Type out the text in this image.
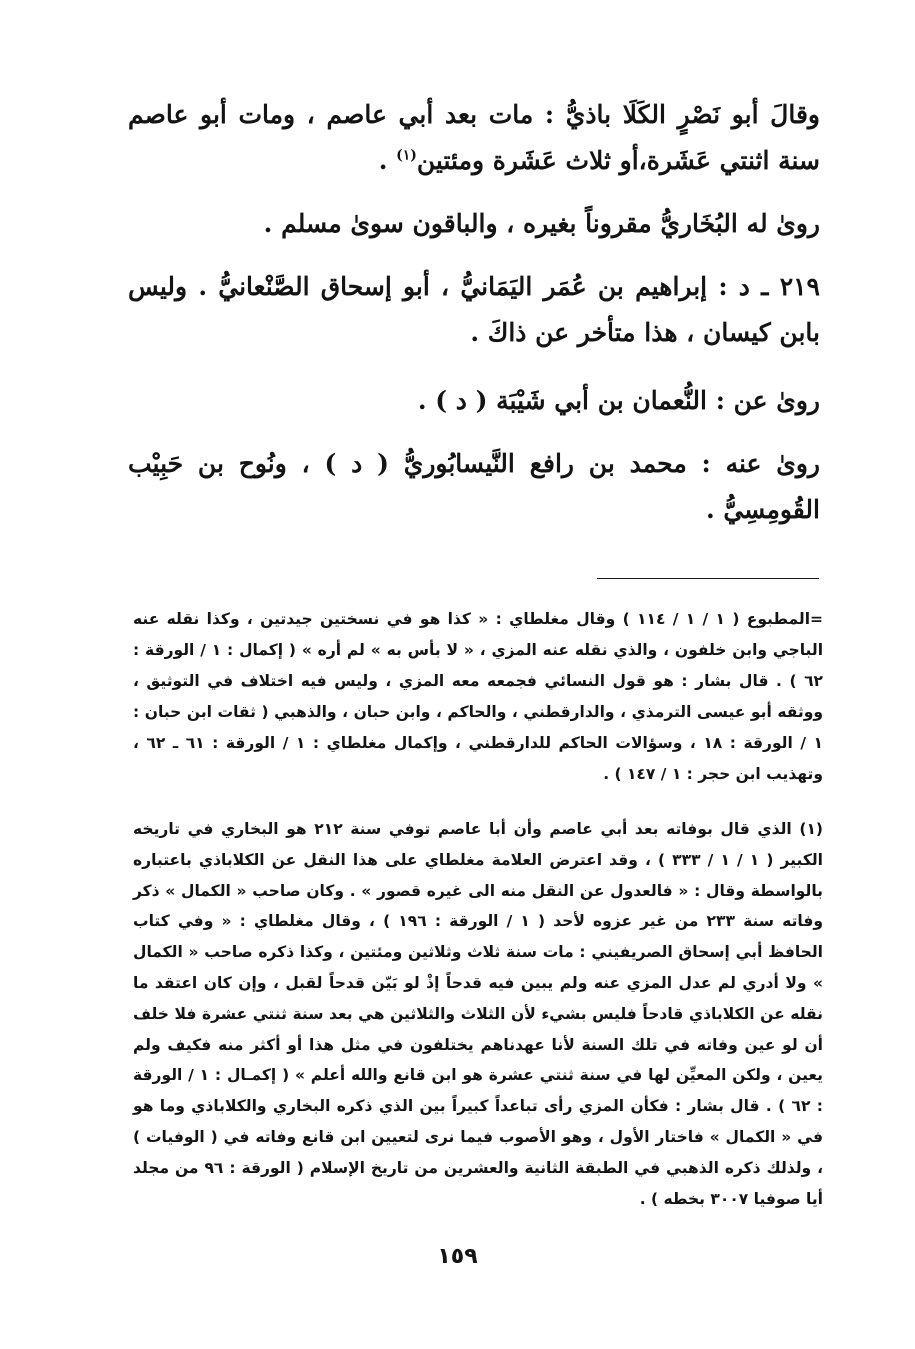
وقالَ أبو نَصْرٍ الكَلَا باذيُّ : مات بعد أبي عاصم ، ومات أبو عاصم سنة اثنتي عَشَرة،أو ثلاث عَشَرة ومئتين$^{(١)}$ .

روىٰ له البُخَاريُّ مقروناً بغيره ، والباقون سوىٰ مسلم .

٢١٩ ـ د : إبراهيم بن عُمَر اليَمَانيُّ ، أبو إسحاق الصَّنْعانيُّ . وليس بابن كيسان ، هذا متأخر عن ذاكَ .

روىٰ عن : النُّعمان بن أبي شَيْبَة ( د ) .

روىٰ عنه : محمد بن رافع النَّيسابُوريُّ ( د ) ، ونُوح بن حَبِيْب القُومِسِيُّ .

=المطبوع ( ١ / ١ / ١١٤ ) وقال مغلطاي : « كذا هو في نسختين جيدتين ، وكذا نقله عنه الباجي وابن خلفون ، والذي نقله عنه المزي ، « لا بأس به » لم أره » ( إكمال : ١ / الورقة : ٦٢ ) . قال بشار : هو قول النسائي فجمعه معه المزي ، وليس فيه اختلاف في التوثيق ، ووثقه أبو عيسى الترمذي ، والدارقطني ، والحاكم ، وابن حبان ، والذهبي ( ثقات ابن حبان : ١ / الورقة : ١٨ ، وسؤالات الحاكم للدارقطني ، وإكمال مغلطاي : ١ / الورقة : ٦١ ـ ٦٢ ، وتهذيب ابن حجر : ١ / ١٤٧ ) .

(١) الذي قال بوفاته بعد أبي عاصم وأن أبا عاصم توفي سنة ٢١٢ هو البخاري في تاريخه الكبير ( ١ / ١ / ٣٣٣ ) ، وقد اعترض العلامة مغلطاي على هذا النقل عن الكلاباذي باعتباره بالواسطة وقال : « فالعدول عن النقل منه الى غيره قصور » . وكان صاحب « الكمال » ذكر وفاته سنة ٢٣٣ من غير عزوه لأحد ( ١ / الورقة : ١٩٦ ) ، وقال مغلطاي : « وفي كتاب الحافظ أبي إسحاق الصريفيني : مات سنة ثلاث وثلاثين ومئتين ، وكذا ذكره صاحب « الكمال » ولا أدري لم عدل المزي عنه ولم يبين فيه قدحاً إذْ لو بَيّن قدحاً لقبل ، وإن كان اعتقد ما نقله عن الكلاباذي قادحاً فليس بشيء لأن الثلاث والثلاثين هي بعد سنة ثنتي عشرة فلا خلف أن لو عين وفاته في تلك السنة لأنا عهدناهم يختلفون في مثل هذا أو أكثر منه فكيف ولم يعين ، ولكن المعيِّن لها في سنة ثنتي عشرة هو ابن قانع والله أعلم » ( إكمـال : ١ / الورقة : ٦٢ ) . قال بشار : فكأن المزي رأى تباعداً كبيراً بين الذي ذكره البخاري والكلاباذي وما هو في « الكمال » فاختار الأول ، وهو الأصوب فيما نرى لتعيين ابن قانع وفاته في ( الوفيات ) ، ولذلك ذكره الذهبي في الطبقة الثانية والعشرين من تاريخ الإسلام ( الورقة : ٩٦ من مجلد أيا صوفيا ٣٠٠٧ بخطه ) .

١٥٩
